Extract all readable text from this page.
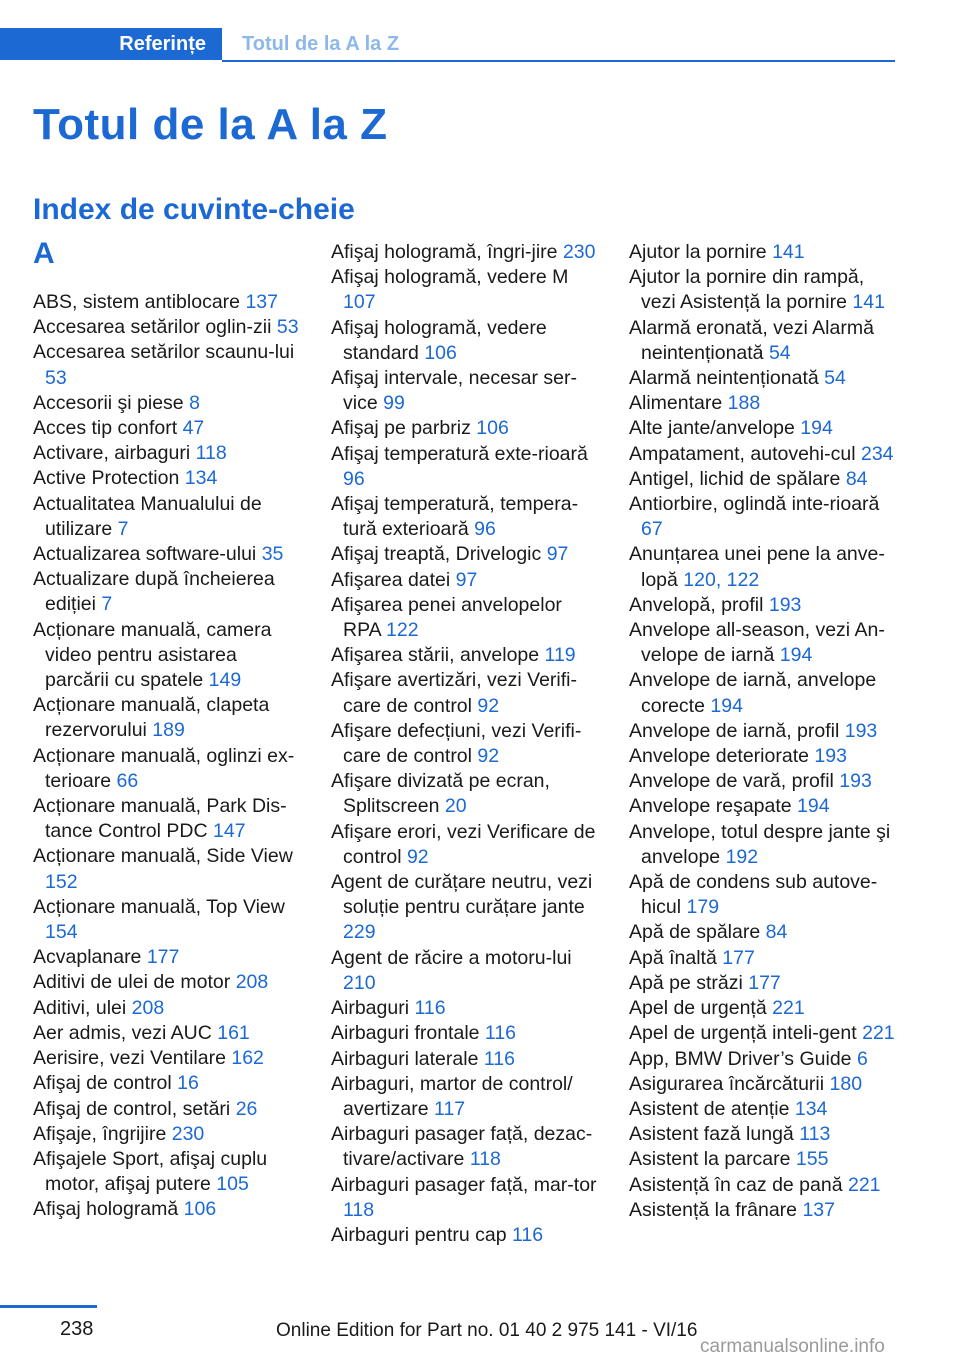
Referințe	Totul de la A la Z
Totul de la A la Z
Index de cuvinte-cheie
A
ABS, sistem antiblocare 137
Accesarea setărilor oglin-zii 53
Accesarea setărilor scaunu-lui 53
Accesorii şi piese 8
Acces tip confort 47
Activare, airbaguri 118
Active Protection 134
Actualitatea Manualului de utilizare 7
Actualizarea software-ului 35
Actualizare după încheierea ediției 7
Acționare manuală, camera video pentru asistarea parcării cu spatele 149
Acționare manuală, clapeta rezervorului 189
Acționare manuală, oglinzi ex-terioare 66
Acționare manuală, Park Dis-tance Control PDC 147
Acționare manuală, Side View 152
Acționare manuală, Top View 154
Acvaplanare 177
Aditivi de ulei de motor 208
Aditivi, ulei 208
Aer admis, vezi AUC 161
Aerisire, vezi Ventilare 162
Afişaj de control 16
Afişaj de control, setări 26
Afişaje, îngrijire 230
Afişajele Sport, afişaj cuplu motor, afişaj putere 105
Afişaj hologramă 106
Afişaj hologramă, îngri-jire 230
Afişaj hologramă, vedere M 107
Afişaj hologramă, vedere standard 106
Afişaj intervale, necesar ser-vice 99
Afişaj pe parbriz 106
Afişaj temperatură exte-rioară 96
Afişaj temperatură, tempera-tură exterioară 96
Afişaj treaptă, Drivelogic 97
Afişarea datei 97
Afişarea penei anvelopelor RPA 122
Afişarea stării, anvelope 119
Afişare avertizări, vezi Verifi-care de control 92
Afişare defecțiuni, vezi Verifi-care de control 92
Afişare divizată pe ecran, Splitscreen 20
Afişare erori, vezi Verificare de control 92
Agent de curățare neutru, vezi soluție pentru curățare jante 229
Agent de răcire a motoru-lui 210
Airbaguri 116
Airbaguri frontale 116
Airbaguri laterale 116
Airbaguri, martor de control/ avertizare 117
Airbaguri pasager față, dezac-tivare/activare 118
Airbaguri pasager față, mar-tor 118
Airbaguri pentru cap 116
Ajutor la pornire 141
Ajutor la pornire din rampă, vezi Asistență la pornire 141
Alarmă eronată, vezi Alarmă neintenționată 54
Alarmă neintenționată 54
Alimentare 188
Alte jante/anvelope 194
Ampatament, autovehi-cul 234
Antigel, lichid de spălare 84
Antiorbire, oglindă inte-rioară 67
Anunțarea unei pene la anve-lopă 120, 122
Anvelopă, profil 193
Anvelope all-season, vezi An-velope de iarnă 194
Anvelope de iarnă, anvelope corecte 194
Anvelope de iarnă, profil 193
Anvelope deteriorate 193
Anvelope de vară, profil 193
Anvelope reşapate 194
Anvelope, totul despre jante şi anvelope 192
Apă de condens sub autove-hicul 179
Apă de spălare 84
Apă înaltă 177
Apă pe străzi 177
Apel de urgență 221
Apel de urgență inteli-gent 221
App, BMW Driver’s Guide 6
Asigurarea încărcăturii 180
Asistent de atenție 134
Asistent fază lungă 113
Asistent la parcare 155
Asistență în caz de pană 221
Asistență la frânare 137
238	Online Edition for Part no. 01 40 2 975 141 - VI/16
carmanualsonline.info
